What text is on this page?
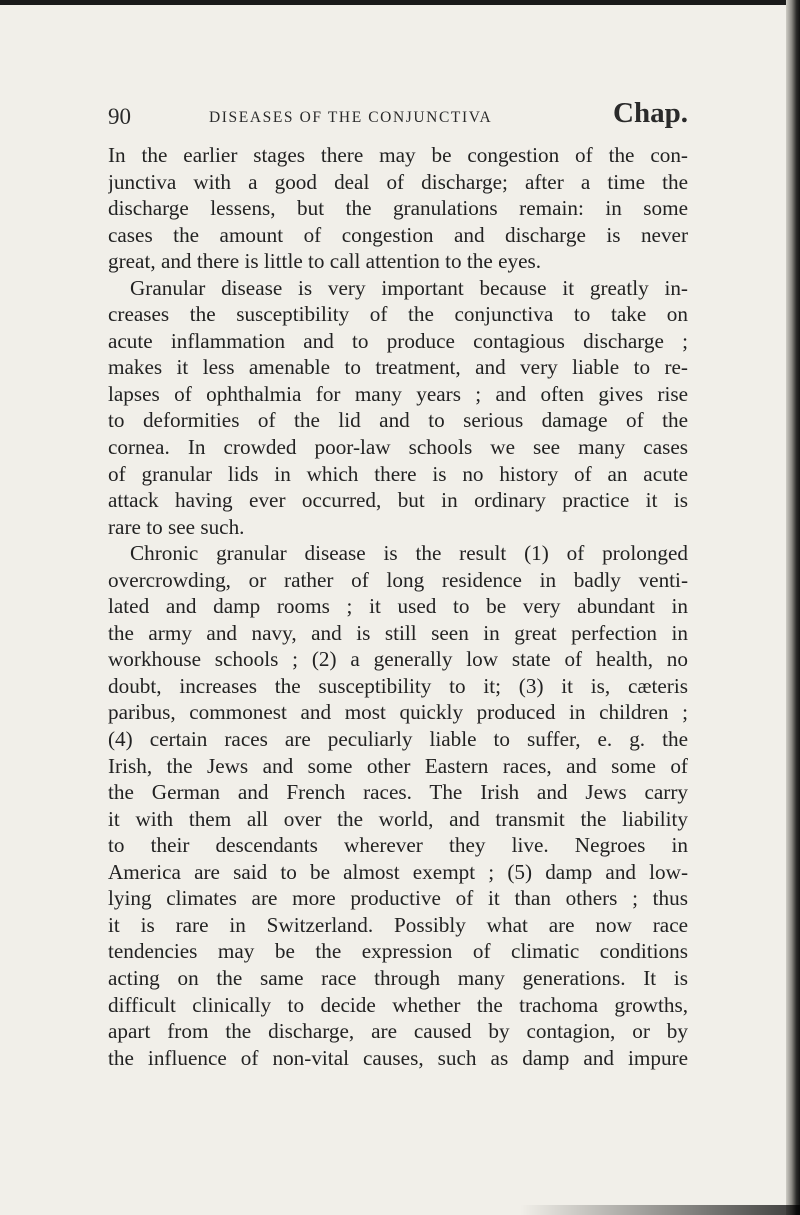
90	DISEASES OF THE CONJUNCTIVA	Chap.
In the earlier stages there may be congestion of the con-
junctiva with a good deal of discharge; after a time the
discharge lessens, but the granulations remain: in some
cases the amount of congestion and discharge is never
great, and there is little to call attention to the eyes.
Granular disease is very important because it greatly in-
creases the susceptibility of the conjunctiva to take on
acute inflammation and to produce contagious discharge ;
makes it less amenable to treatment, and very liable to re-
lapses of ophthalmia for many years ; and often gives rise
to deformities of the lid and to serious damage of the
cornea. In crowded poor-law schools we see many cases
of granular lids in which there is no history of an acute
attack having ever occurred, but in ordinary practice it is
rare to see such.
Chronic granular disease is the result (1) of prolonged
overcrowding, or rather of long residence in badly venti-
lated and damp rooms ; it used to be very abundant in
the army and navy, and is still seen in great perfection in
workhouse schools ; (2) a generally low state of health, no
doubt, increases the susceptibility to it; (3) it is, cæteris
paribus, commonest and most quickly produced in children ;
(4) certain races are peculiarly liable to suffer, e. g. the
Irish, the Jews and some other Eastern races, and some of
the German and French races. The Irish and Jews carry
it with them all over the world, and transmit the liability
to their descendants wherever they live. Negroes in
America are said to be almost exempt ; (5) damp and low-
lying climates are more productive of it than others ; thus
it is rare in Switzerland. Possibly what are now race
tendencies may be the expression of climatic conditions
acting on the same race through many generations. It is
difficult clinically to decide whether the trachoma growths,
apart from the discharge, are caused by contagion, or by
the influence of non-vital causes, such as damp and impure
